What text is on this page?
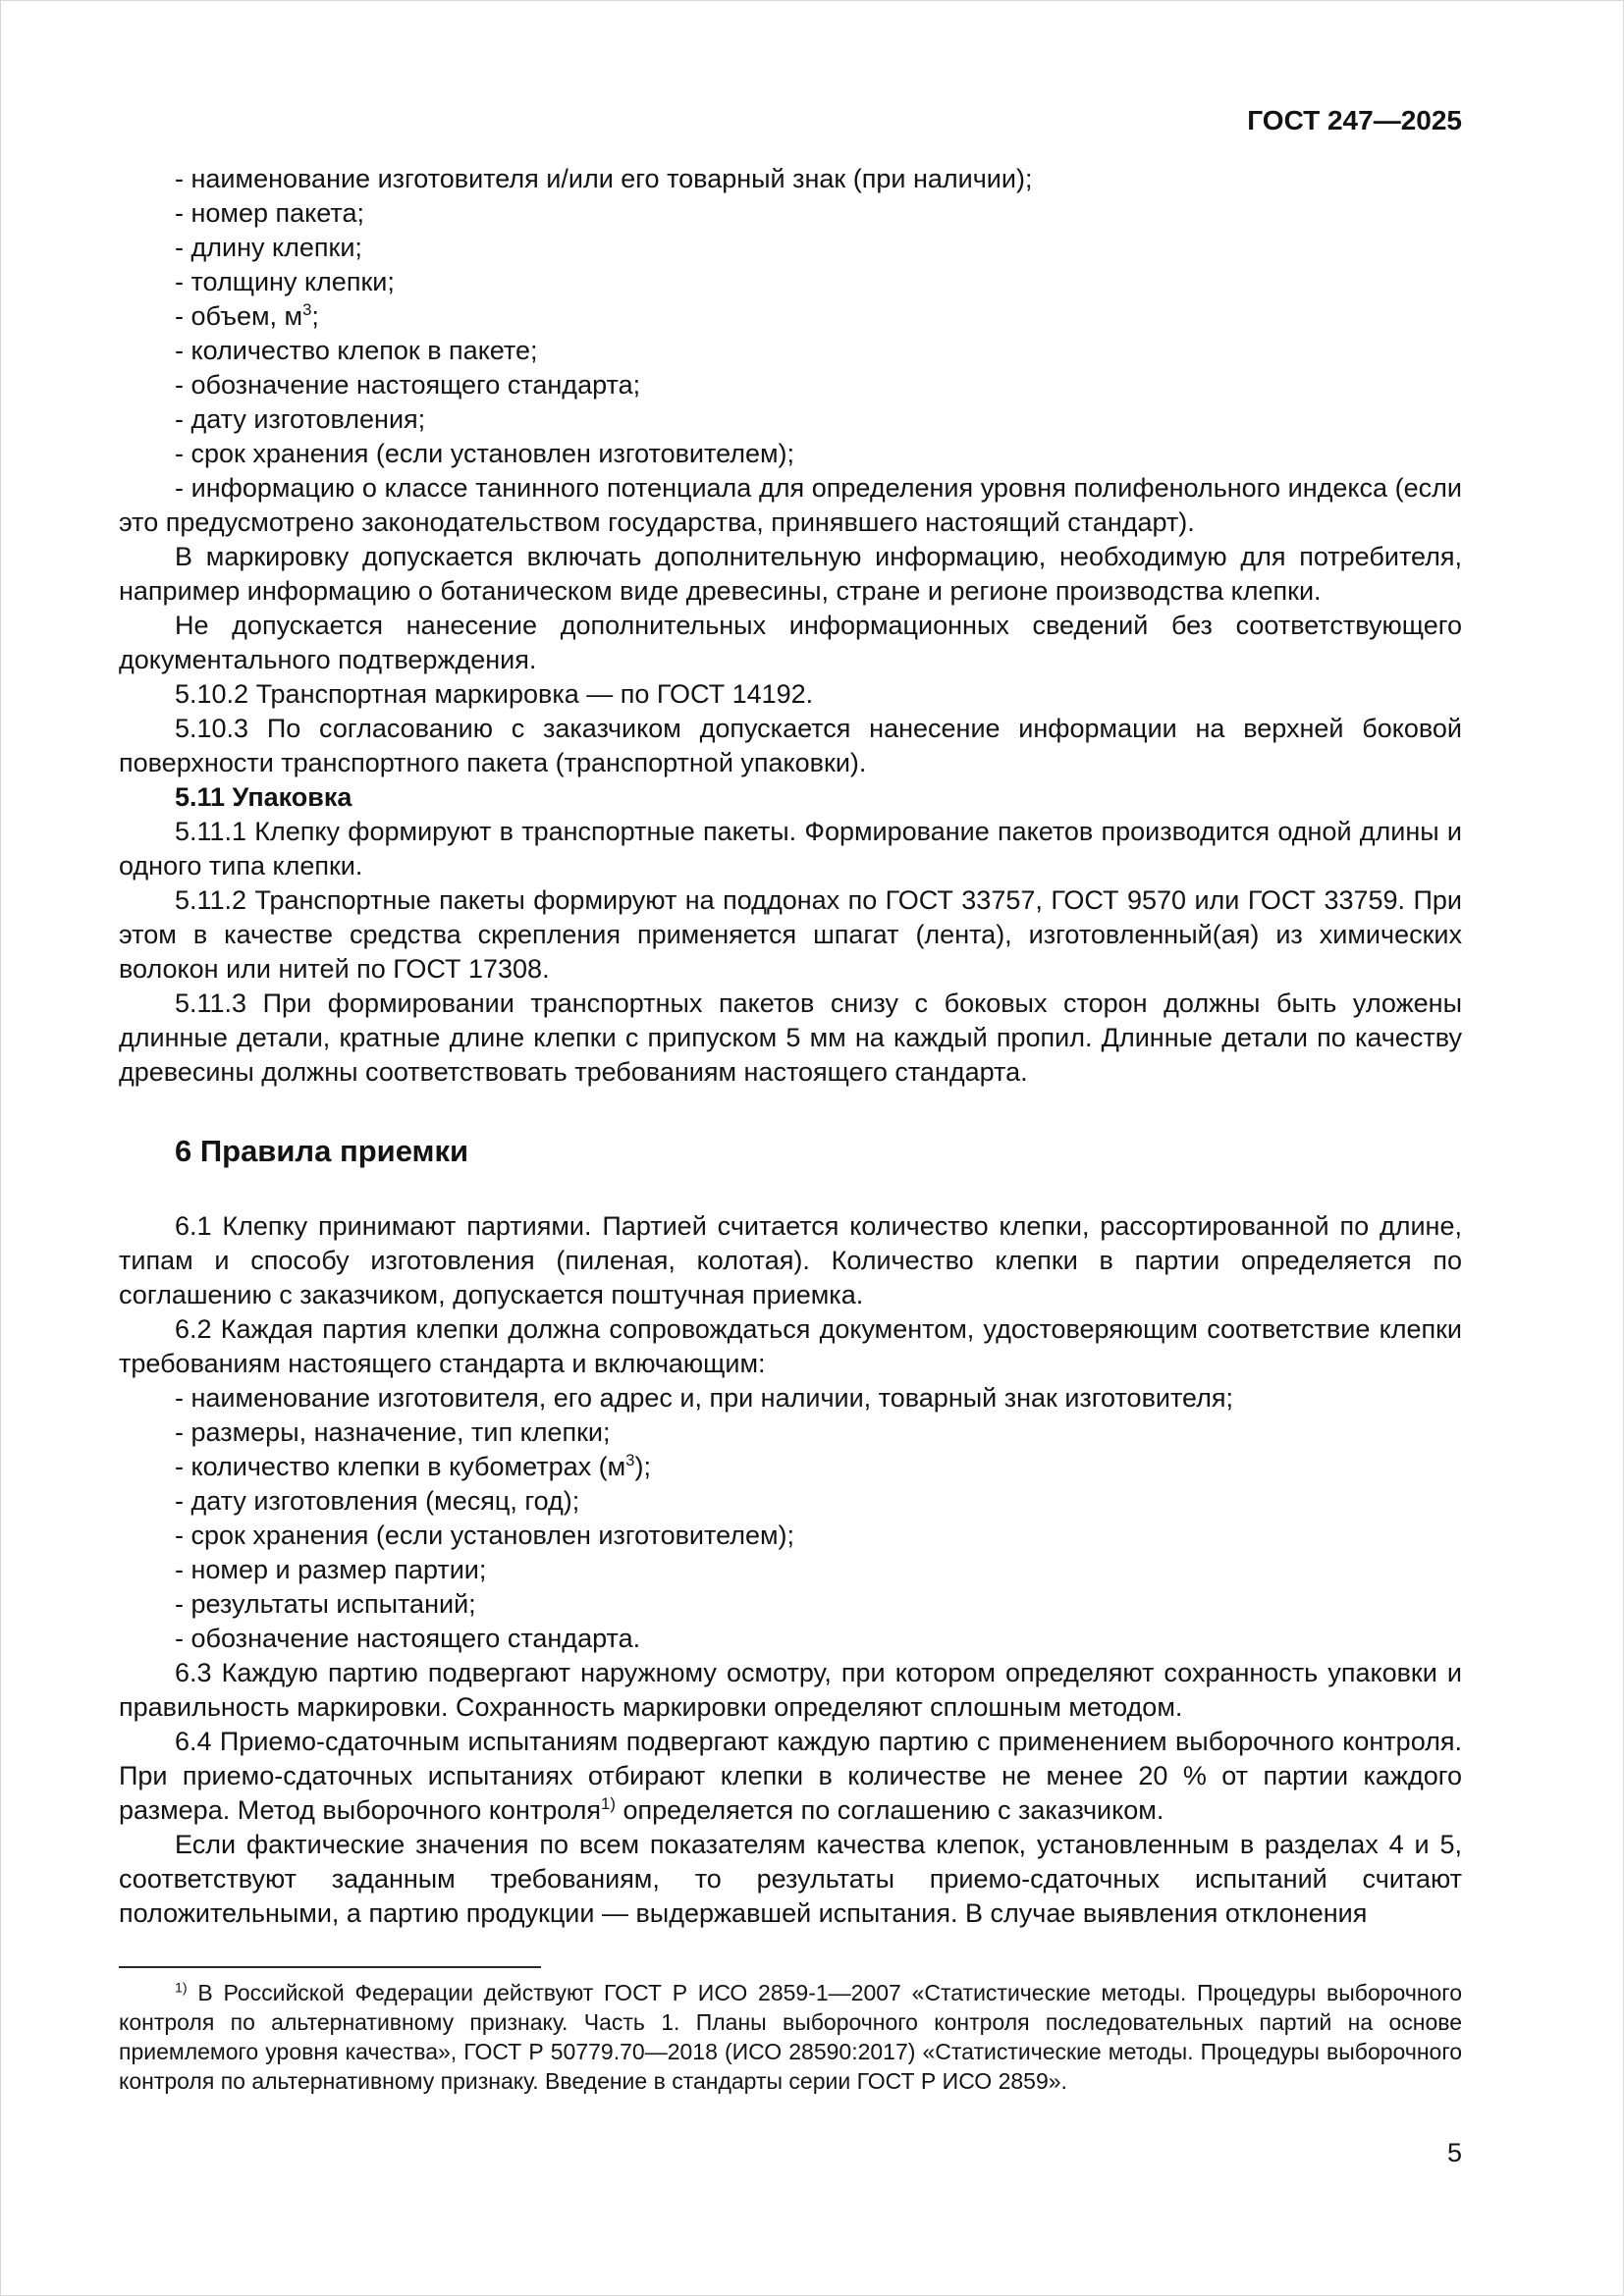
ГОСТ 247—2025

- наименование изготовителя и/или его товарный знак (при наличии);

- номер пакета;

- длину клепки;

- толщину клепки;

- объем, $м^3$;

- количество клепок в пакете;

- обозначение настоящего стандарта;

- дату изготовления;

- срок хранения (если установлен изготовителем);

- информацию о классе танинного потенциала для определения уровня полифенольного индекса (если это предусмотрено законодательством государства, принявшего настоящий стандарт).

В маркировку допускается включать дополнительную информацию, необходимую для потребителя, например информацию о ботаническом виде древесины, стране и регионе производства клепки.

Не допускается нанесение дополнительных информационных сведений без соответствующего документального подтверждения.

5.10.2 Транспортная маркировка — по ГОСТ 14192.

5.10.3 По согласованию с заказчиком допускается нанесение информации на верхней боковой поверхности транспортного пакета (транспортной упаковки).

5.11 Упаковка

5.11.1 Клепку формируют в транспортные пакеты. Формирование пакетов производится одной длины и одного типа клепки.

5.11.2 Транспортные пакеты формируют на поддонах по ГОСТ 33757, ГОСТ 9570 или ГОСТ 33759. При этом в качестве средства скрепления применяется шпагат (лента), изготовленный(ая) из химических волокон или нитей по ГОСТ 17308.

5.11.3 При формировании транспортных пакетов снизу с боковых сторон должны быть уложены длинные детали, кратные длине клепки с припуском 5 мм на каждый пропил. Длинные детали по качеству древесины должны соответствовать требованиям настоящего стандарта.

6 Правила приемки

6.1 Клепку принимают партиями. Партией считается количество клепки, рассортированной по длине, типам и способу изготовления (пиленая, колотая). Количество клепки в партии определяется по соглашению с заказчиком, допускается поштучная приемка.

6.2 Каждая партия клепки должна сопровождаться документом, удостоверяющим соответствие клепки требованиям настоящего стандарта и включающим:

- наименование изготовителя, его адрес и, при наличии, товарный знак изготовителя;

- размеры, назначение, тип клепки;

- количество клепки в кубометрах $(м^3)$;

- дату изготовления (месяц, год);

- срок хранения (если установлен изготовителем);

- номер и размер партии;

- результаты испытаний;

- обозначение настоящего стандарта.

6.3 Каждую партию подвергают наружному осмотру, при котором определяют сохранность упаковки и правильность маркировки. Сохранность маркировки определяют сплошным методом.

6.4 Приемо-сдаточным испытаниям подвергают каждую партию с применением выборочного контроля. При приемо-сдаточных испытаниях отбирают клепки в количестве не менее 20 % от партии каждого размера. Метод выборочного контроля$^{1)}$ определяется по соглашению с заказчиком.

Если фактические значения по всем показателям качества клепок, установленным в разделах 4 и 5, соответствуют заданным требованиям, то результаты приемо-сдаточных испытаний считают положительными, а партию продукции — выдержавшей испытания. В случае выявления отклонения

$^{1)}$ В Российской Федерации действуют ГОСТ Р ИСО 2859-1—2007 «Статистические методы. Процедуры выборочного контроля по альтернативному признаку. Часть 1. Планы выборочного контроля последовательных партий на основе приемлемого уровня качества», ГОСТ Р 50779.70—2018 (ИСО 28590:2017) «Статистические методы. Процедуры выборочного контроля по альтернативному признаку. Введение в стандарты серии ГОСТ Р ИСО 2859».

5
